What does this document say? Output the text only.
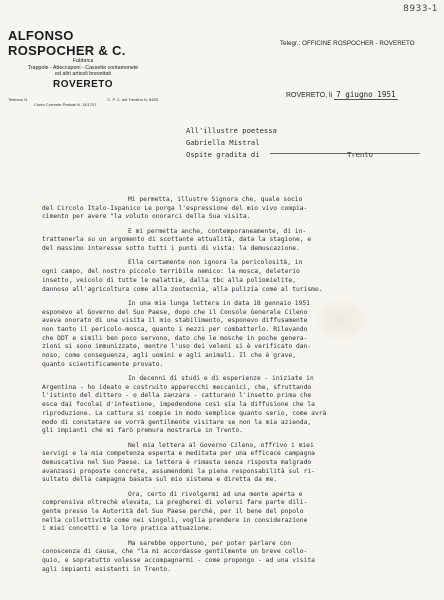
8933-1
ALFONSO ROSPOCHER & C.
Fabbrica
Trappole - Attoccaponi - Cassette contamonete
ed altri articoli brevettati
ROVERETO
Telefono N.	C. P. C. del Trentino N. 8455
Conto Corrente Postale N. 14/1707
Telegr.: OFFICINE ROSPOCHER - ROVERETO
ROVERETO, li 7 giugno 1951
All'illustre poetessa
Gabriella Mistral
Ospite gradita di	Trento
Mi permetta, illustre Signora che, quale socio
del Circolo Italo-Ispanico Le porga l'espressione del mio vivo compia-
cimento per avere "la voluto onorarci della Sua visita.
E mi permetta anche, contemporaneamente, di in-
trattenerla su un argomento di scottante attualità, data la stagione, e
del massimo interesse sotto tutti i punti di vista: la demuscazione.
Ella certamente non ignora la pericolosità, in
ogni campo, del nostro piccolo terribile nemico: la mosca, deleterio
insetto, veicolo di tutte le malattie, dalla tbc alla poliomielite,
dannoso all'agricoltura come alla zootecnia, alla pulizia come al turismo.
In una mia lunga lettera in data 18 gennaio 1951
esponevo al Governo del Suo Paese, dopo che il Console Generale Cileno
aveva onorato di una visita il mio stabilimento, esponevo diffusamente
non tanto il pericolo-mosca, quanto i mezzi per combatterlo. Rilevando
che DDT e simili ben poco servono, dato che le mosche in poche genera-
zioni si sono immunizzate, mentre l'uso dei veleni si è verificato dan-
noso, come conseguenza, agli uomini e agli animali. Il che è grave,
quanto scientificamente provato.
In decenni di studi e di esperienze - iniziate in
Argentina - ho ideato e costruito apparecchi meccanici, che, sfruttando
l'istinto del dittero - o della zanzara - catturano l'insetto prima che
esca dai focolai d'infestione, impedendone così sia la diffusione che la
riproduzione. La cattura si compie in modo semplice quanto serio, come avrà
modo di constatare se vorrà gentilmente visitare se non la mia azienda,
gli impianti che mi farò premura mostrarLe in Trento.
Nel mia lettera al Governo Cileno, offrivo i miei
servigi e la mia competenza esperta e meditata per una efficace campagna
demuscativa nel Suo Paese. La lettera è rimasta senza risposta malgrado
avanzassi proposte concrete, assumendomi la piena responsabilità sul ri-
sultato della campagna basata sul mio sistema e diretta da me.
Ora, certo di rivolgermi ad una mente aperta e
comprensiva oltrechè elevata, La pregherei di volersi fare parte dili-
gente presso le Autorità del Suo Paese perchè, per il bene del popolo
nella collettività come nei singoli, voglia prendere in considerazione
i miei concetti e la loro pratica attuazione.
Ma sarebbe opportuno, per poter parlare con
conoscenza di causa, che "la mi accordasse gentilmente un breve collo-
quio, e sopratutto volesse accompagnarmi - come propongo - ad una visita
agli impianti esistenti in Trento.
